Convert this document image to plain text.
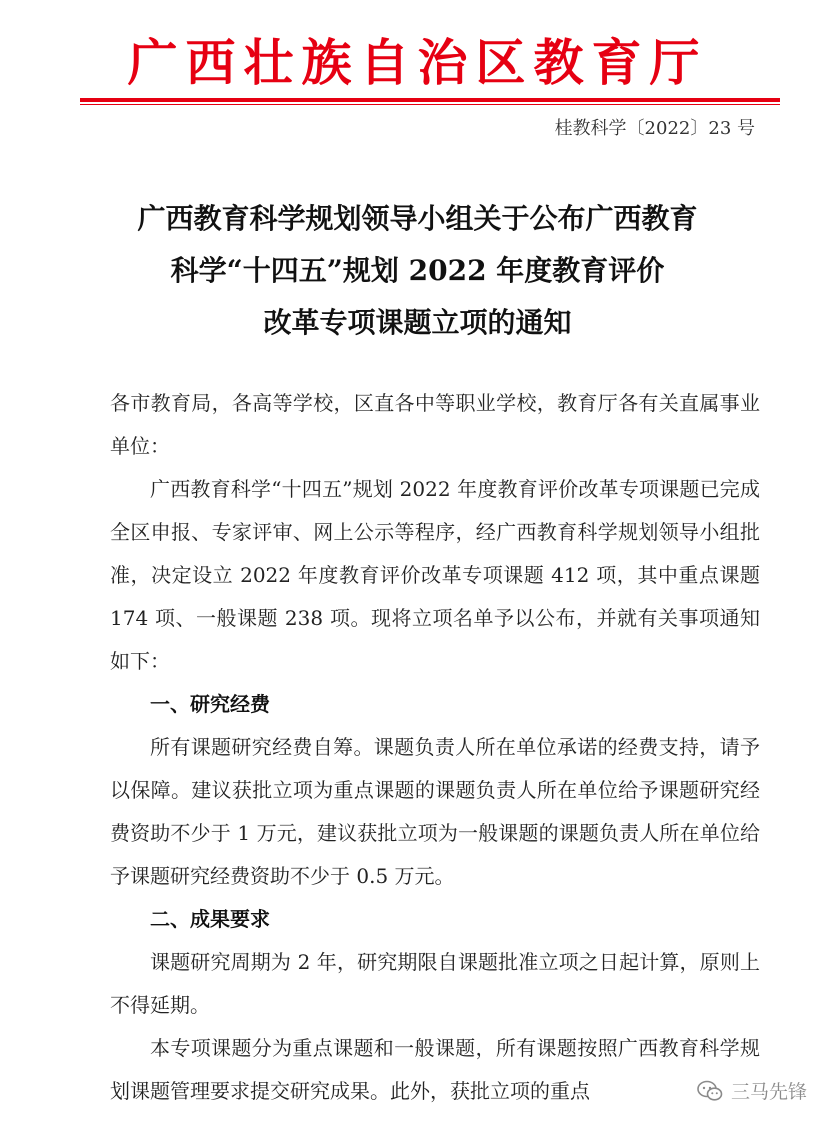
广西壮族自治区教育厅
桂教科学〔2022〕23 号
广西教育科学规划领导小组关于公布广西教育
科学“十四五”规划 2022 年度教育评价
改革专项课题立项的通知

各市教育局，各高等学校，区直各中等职业学校，教育厅各有关直属事业单位：

广西教育科学“十四五”规划 2022 年度教育评价改革专项课题已完成全区申报、专家评审、网上公示等程序，经广西教育科学规划领导小组批准，决定设立 2022 年度教育评价改革专项课题 412 项，其中重点课题 174 项、一般课题 238 项。现将立项名单予以公布，并就有关事项通知如下：

一、研究经费

所有课题研究经费自筹。课题负责人所在单位承诺的经费支持，请予以保障。建议获批立项为重点课题的课题负责人所在单位给予课题研究经费资助不少于 1 万元，建议获批立项为一般课题的课题负责人所在单位给予课题研究经费资助不少于 0.5 万元。

二、成果要求

课题研究周期为 2 年，研究期限自课题批准立项之日起计算，原则上不得延期。

本专项课题分为重点课题和一般课题，所有课题按照广西教育科学规划课题管理要求提交研究成果。此外，获批立项的重点	三马先锋
